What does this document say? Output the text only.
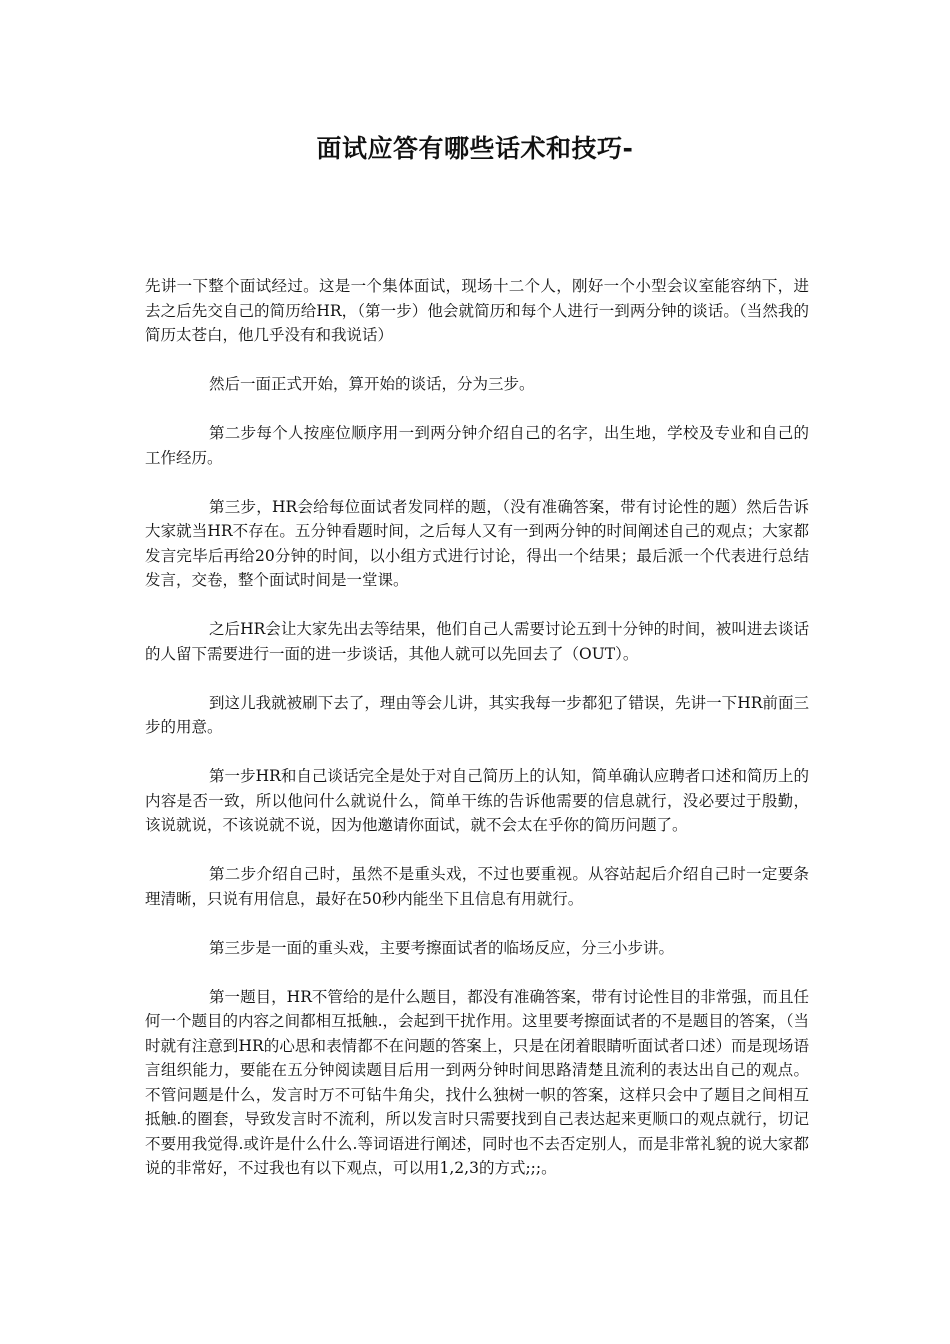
面试应答有哪些话术和技巧-

先讲一下整个面试经过。这是一个集体面试，现场十二个人，刚好一个小型会议室能容纳下，进去之后先交自己的简历给HR，（第一步）他会就简历和每个人进行一到两分钟的谈话。（当然我的简历太苍白，他几乎没有和我说话）

然后一面正式开始，算开始的谈话，分为三步。

第二步每个人按座位顺序用一到两分钟介绍自己的名字，出生地，学校及专业和自己的工作经历。

第三步，HR会给每位面试者发同样的题，（没有准确答案，带有讨论性的题）然后告诉大家就当HR不存在。五分钟看题时间，之后每人又有一到两分钟的时间阐述自己的观点；大家都发言完毕后再给20分钟的时间，以小组方式进行讨论，得出一个结果；最后派一个代表进行总结发言，交卷，整个面试时间是一堂课。

之后HR会让大家先出去等结果，他们自己人需要讨论五到十分钟的时间，被叫进去谈话的人留下需要进行一面的进一步谈话，其他人就可以先回去了（OUT）。

到这儿我就被刷下去了，理由等会儿讲，其实我每一步都犯了错误，先讲一下HR前面三步的用意。

第一步HR和自己谈话完全是处于对自己简历上的认知，简单确认应聘者口述和简历上的内容是否一致，所以他问什么就说什么，简单干练的告诉他需要的信息就行，没必要过于殷勤，该说就说，不该说就不说，因为他邀请你面试，就不会太在乎你的简历问题了。

第二步介绍自己时，虽然不是重头戏，不过也要重视。从容站起后介绍自己时一定要条理清晰，只说有用信息，最好在50秒内能坐下且信息有用就行。

第三步是一面的重头戏，主要考擦面试者的临场反应，分三小步讲。

第一题目，HR不管给的是什么题目，都没有准确答案，带有讨论性目的非常强，而且任何一个题目的内容之间都相互抵触.，会起到干扰作用。这里要考擦面试者的不是题目的答案，（当时就有注意到HR的心思和表情都不在问题的答案上，只是在闭着眼睛听面试者口述）而是现场语言组织能力，要能在五分钟阅读题目后用一到两分钟时间思路清楚且流利的表达出自己的观点。不管问题是什么，发言时万不可钻牛角尖，找什么独树一帜的答案，这样只会中了题目之间相互抵触.的圈套，导致发言时不流利，所以发言时只需要找到自己表达起来更顺口的观点就行，切记不要用我觉得.或许是什么什么.等词语进行阐述，同时也不去否定别人，而是非常礼貌的说大家都说的非常好，不过我也有以下观点，可以用1,2,3的方式;;;。
